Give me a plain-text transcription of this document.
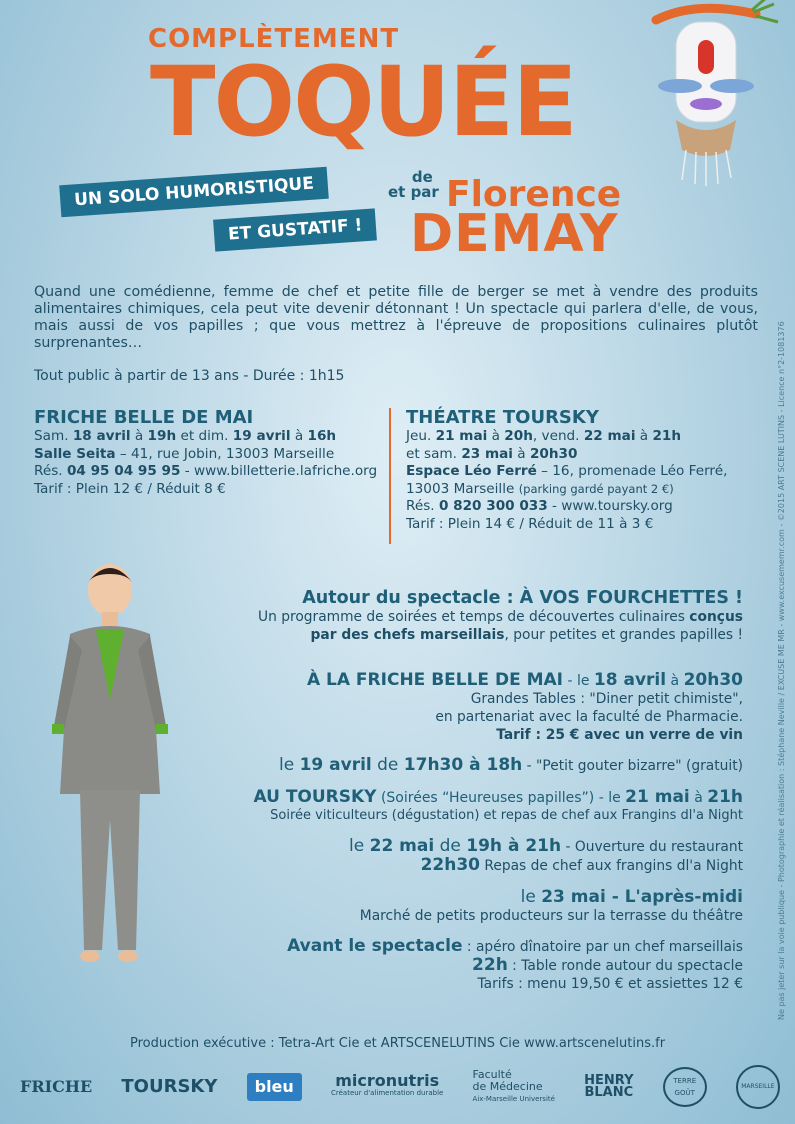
COMPLÈTEMENT
TOQUÉE
UN SOLO HUMORISTIQUE
ET GUSTATIF !
de
et par Florence
DEMAY
Quand une comédienne, femme de chef et petite fille de berger se met à vendre des produits alimentaires chimiques, cela peut vite devenir détonnant ! Un spectacle qui parlera d'elle, de vous, mais aussi de vos papilles ; que vous mettrez à l'épreuve de propositions culinaires plutôt surprenantes…
Tout public à partir de 13 ans - Durée : 1h15
FRICHE BELLE DE MAI
Sam. 18 avril à 19h et dim. 19 avril à 16h
Salle Seita – 41, rue Jobin, 13003 Marseille
Rés. 04 95 04 95 95 - www.billetterie.lafriche.org
Tarif : Plein 12 € / Réduit 8 €
THÉATRE TOURSKY
Jeu. 21 mai à 20h, vend. 22 mai à 21h
et sam. 23 mai à 20h30
Espace Léo Ferré – 16, promenade Léo Ferré,
13003 Marseille (parking gardé payant 2 €)
Rés. 0 820 300 033 - www.toursky.org
Tarif : Plein 14 € / Réduit de 11 à 3 €
Autour du spectacle : À VOS FOURCHETTES !
Un programme de soirées et temps de découvertes culinaires conçus
par des chefs marseillais, pour petites et grandes papilles !
À LA FRICHE BELLE DE MAI - le 18 avril à 20h30
Grandes Tables : "Diner petit chimiste",
en partenariat avec la faculté de Pharmacie.
Tarif : 25 € avec un verre de vin
le 19 avril de 17h30 à 18h - "Petit gouter bizarre" (gratuit)
AU TOURSKY (Soirées “Heureuses papilles”) - le 21 mai à 21h
Soirée viticulteurs (dégustation) et repas de chef aux Frangins dl'a Night
le 22 mai de 19h à 21h - Ouverture du restaurant
22h30 Repas de chef aux frangins dl'a Night
le 23 mai - L'après-midi
Marché de petits producteurs sur la terrasse du théâtre
Avant le spectacle : apéro dînatoire par un chef marseillais
22h : Table ronde autour du spectacle
Tarifs : menu 19,50 € et assiettes 12 €	Ne pas jeter sur la voie publique - Photographie et réalisation : Stéphane Neville / EXCUSE ME MR - www.excusememr.com - ©2015 ART SCENE LUTINS - Licence n°2-1081376
Production exécutive : Tetra-Art Cie et ARTSCENELUTINS Cie www.artscenelutins.fr
FRICHE TOURSKY bleu	micronutris
Créateur d'alimentation durable
Faculté
de Médecine
Aix-Marseille Université
HENRY
BLANC
TERRE GOÛT
MARSEILLE
